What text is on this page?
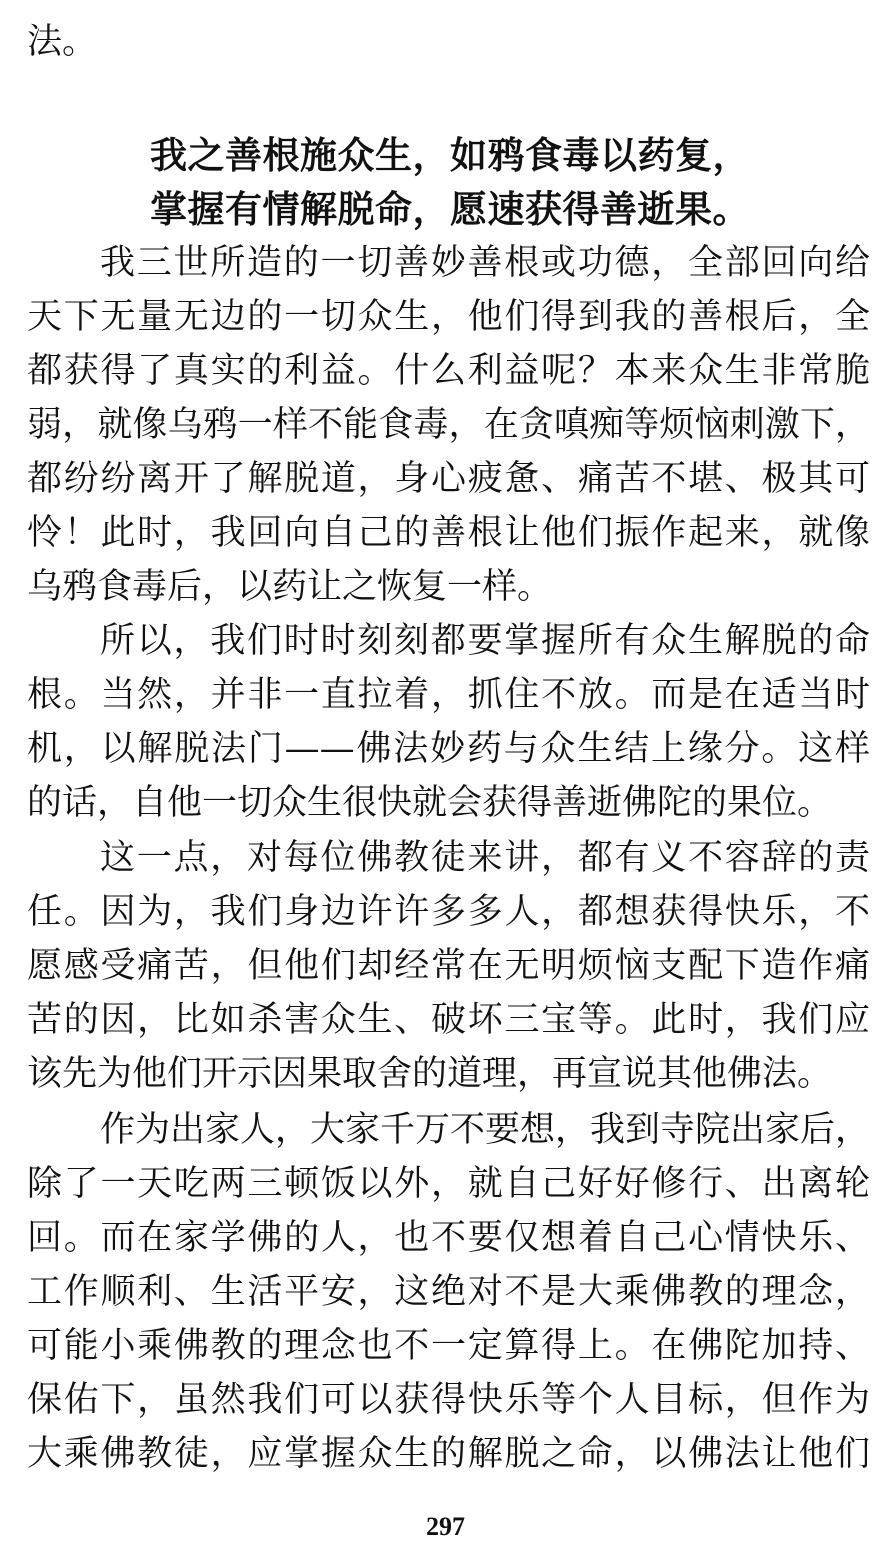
法。
我之善根施众生，如鸦食毒以药复，
掌握有情解脱命，愿速获得善逝果。
我三世所造的一切善妙善根或功德，全部回向给
天下无量无边的一切众生，他们得到我的善根后，全
都获得了真实的利益。什么利益呢？本来众生非常脆
弱，就像乌鸦一样不能食毒，在贪嗔痴等烦恼刺激下，
都纷纷离开了解脱道，身心疲惫、痛苦不堪、极其可
怜！此时，我回向自己的善根让他们振作起来，就像
乌鸦食毒后，以药让之恢复一样。
所以，我们时时刻刻都要掌握所有众生解脱的命
根。当然，并非一直拉着，抓住不放。而是在适当时
机，以解脱法门——佛法妙药与众生结上缘分。这样
的话，自他一切众生很快就会获得善逝佛陀的果位。
这一点，对每位佛教徒来讲，都有义不容辞的责
任。因为，我们身边许许多多人，都想获得快乐，不
愿感受痛苦，但他们却经常在无明烦恼支配下造作痛
苦的因，比如杀害众生、破坏三宝等。此时，我们应
该先为他们开示因果取舍的道理，再宣说其他佛法。
作为出家人，大家千万不要想，我到寺院出家后，
除了一天吃两三顿饭以外，就自己好好修行、出离轮
回。而在家学佛的人，也不要仅想着自己心情快乐、
工作顺利、生活平安，这绝对不是大乘佛教的理念，
可能小乘佛教的理念也不一定算得上。在佛陀加持、
保佑下，虽然我们可以获得快乐等个人目标，但作为
大乘佛教徒，应掌握众生的解脱之命，以佛法让他们
297
